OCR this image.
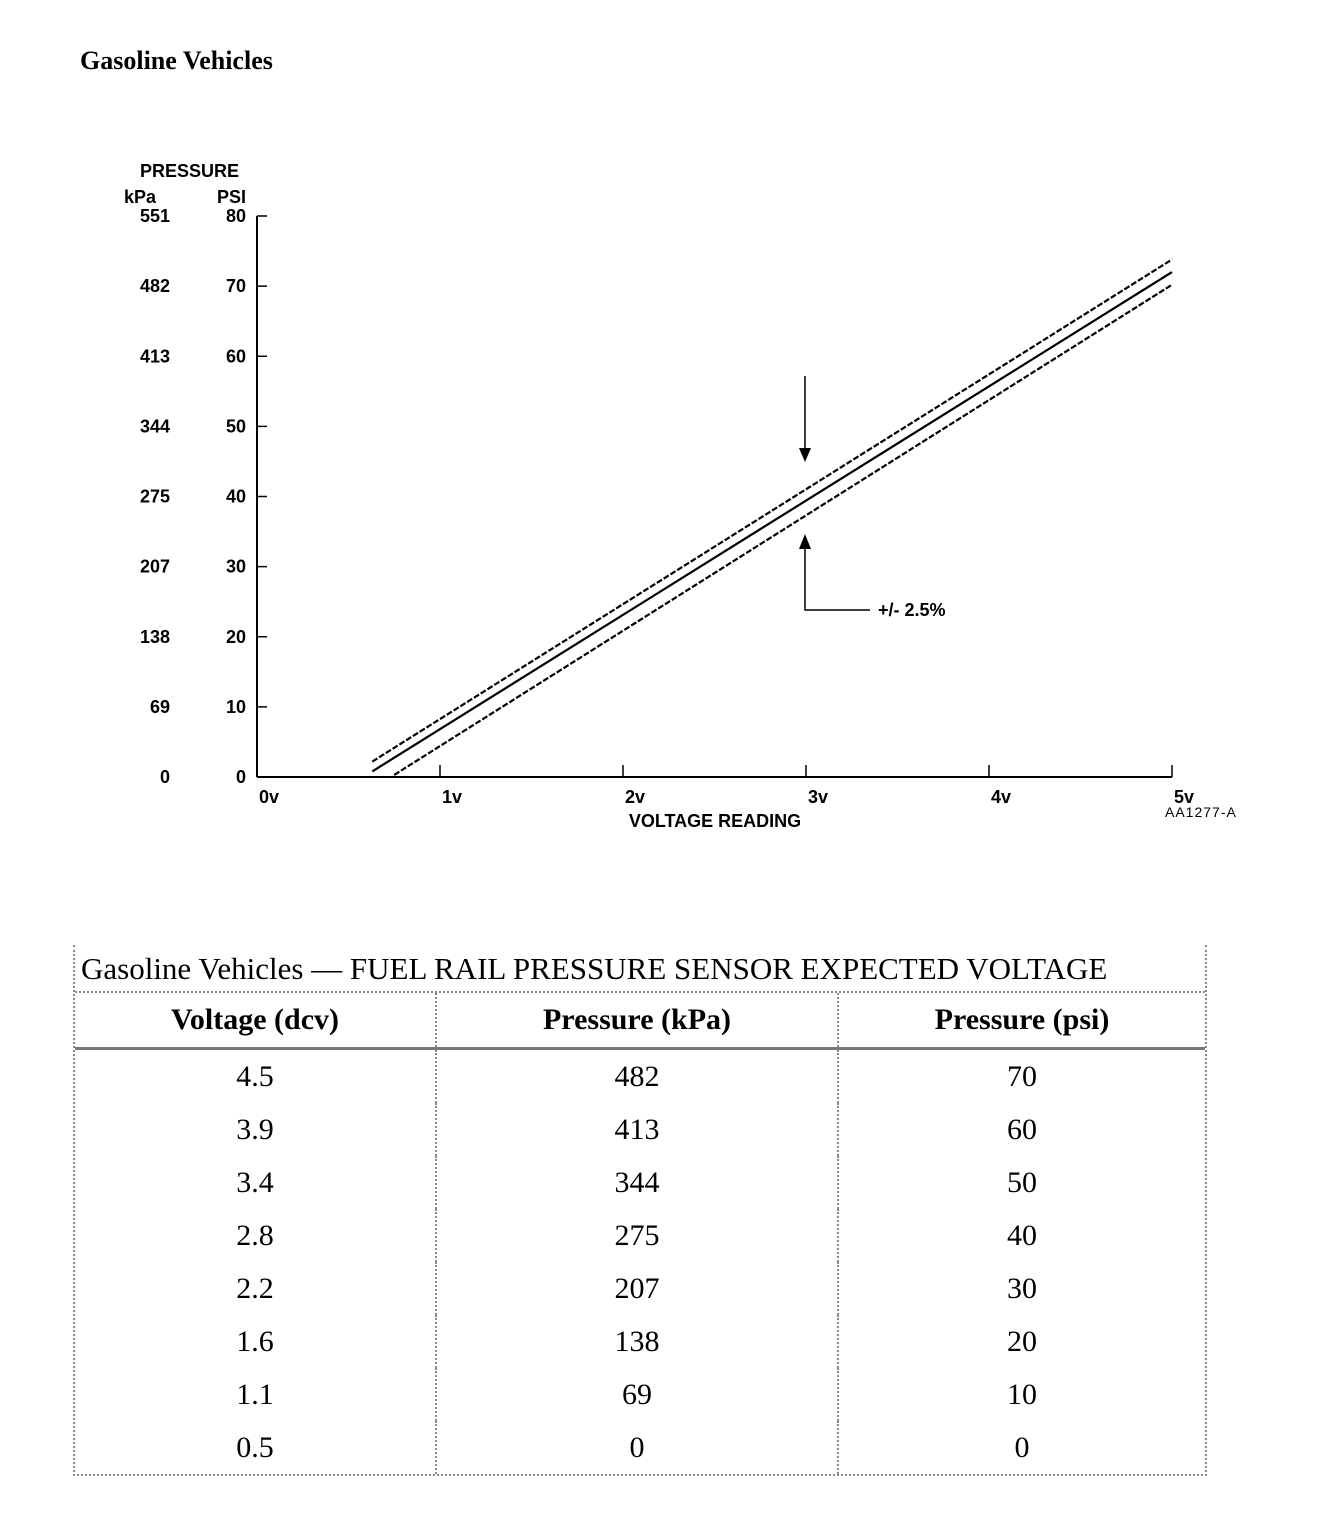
Gasoline Vehicles
PRESSURE
kPa	PSI
551	80
482	70
413	60
344	50
275	40
207	30
138	20
69	10
0	0
0v	1v	2v	3v	4v	5v
+/- 2.5%
VOLTAGE READING	AA1277-A
Gasoline Vehicles — FUEL RAIL PRESSURE SENSOR EXPECTED VOLTAGE
Voltage (dcv)	Pressure (kPa)	Pressure (psi)
4.5	482	70
3.9	413	60
3.4	344	50
2.8	275	40
2.2	207	30
1.6	138	20
1.1	69	10
0.5	0	0
